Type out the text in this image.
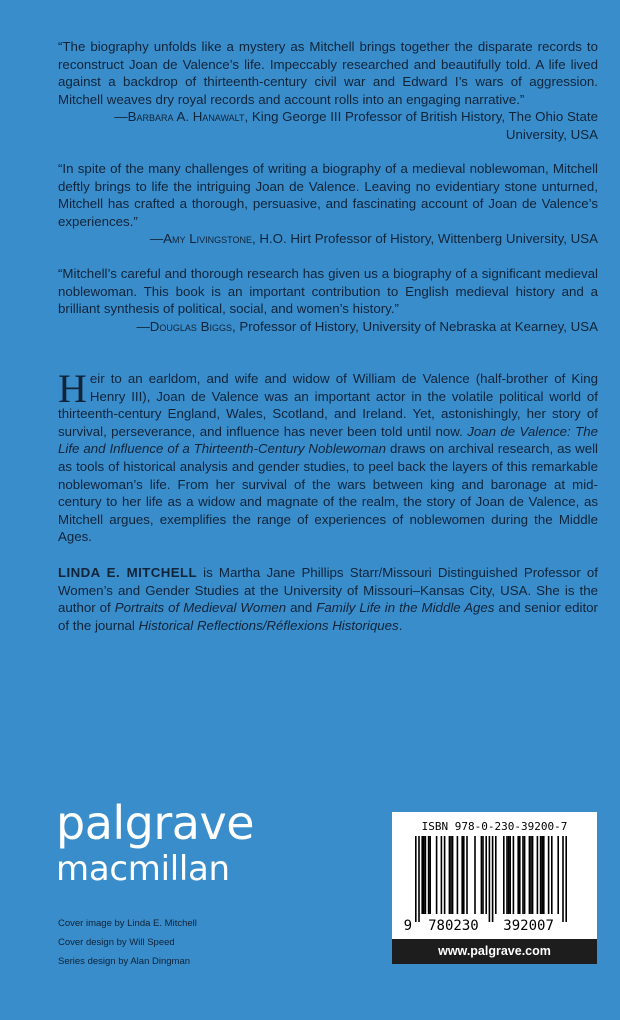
“The biography unfolds like a mystery as Mitchell brings together the disparate records to reconstruct Joan de Valence’s life. Impeccably researched and beautifully told. A life lived against a backdrop of thirteenth-century civil war and Edward I’s wars of aggression. Mitchell weaves dry royal records and account rolls into an engaging narrative.”

—Barbara A. Hanawalt, King George III Professor of British History, The Ohio State University, USA

“In spite of the many challenges of writing a biography of a medieval noblewoman, Mitchell deftly brings to life the intriguing Joan de Valence. Leaving no evidentiary stone unturned, Mitchell has crafted a thorough, persuasive, and fascinating account of Joan de Valence’s experiences.”

—Amy Livingstone, H.O. Hirt Professor of History, Wittenberg University, USA

“Mitchell’s careful and thorough research has given us a biography of a significant medieval noblewoman. This book is an important contribution to English medieval history and a brilliant synthesis of political, social, and women’s history.”

—Douglas Biggs, Professor of History, University of Nebraska at Kearney, USA

Heir to an earldom, and wife and widow of William de Valence (half-brother of King Henry III), Joan de Valence was an important actor in the volatile political world of thirteenth-century England, Wales, Scotland, and Ireland. Yet, astonishingly, her story of survival, perseverance, and influence has never been told until now. Joan de Valence: The Life and Influence of a Thirteenth-Century Noblewoman draws on archival research, as well as tools of historical analysis and gender studies, to peel back the layers of this remarkable noblewoman’s life. From her survival of the wars between king and baronage at mid-century to her life as a widow and magnate of the realm, the story of Joan de Valence, as Mitchell argues, exemplifies the range of experiences of noblewomen during the Middle Ages.

LINDA E. MITCHELL is Martha Jane Phillips Starr/Missouri Distinguished Professor of Women’s and Gender Studies at the University of Missouri–Kansas City, USA. She is the author of Portraits of Medieval Women and Family Life in the Middle Ages and senior editor of the journal Historical Reflections/Réflexions Historiques.

palgrave
macmillan
Cover image by Linda E. Mitchell
Cover design by Will Speed
Series design by Alan Dingman
ISBN 978-0-230-39200-7
9 780230 392007
www.palgrave.com
